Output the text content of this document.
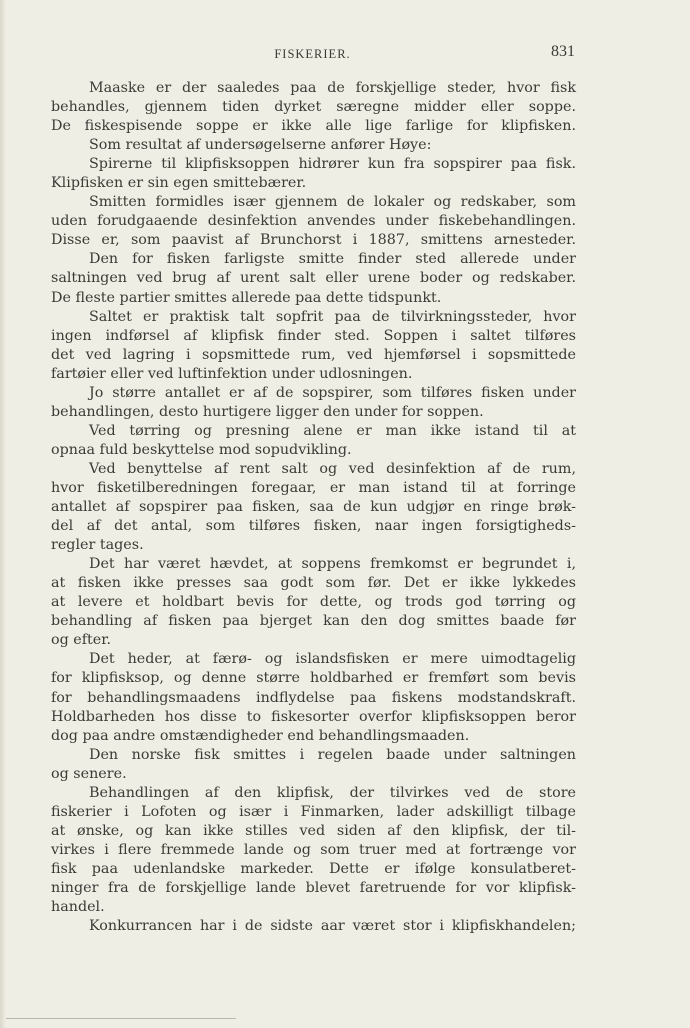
FISKERIER.	831
Maaske er der saaledes paa de forskjellige steder, hvor fisk
behandles, gjennem tiden dyrket særegne midder eller soppe.
De fiskespisende soppe er ikke alle lige farlige for klipfisken.
Som resultat af undersøgelserne anfører Høye:
Spirerne til klipfisksoppen hidrører kun fra sopspirer paa fisk.
Klipfisken er sin egen smittebærer.
Smitten formidles især gjennem de lokaler og redskaber, som
uden forudgaaende desinfektion anvendes under fiskebehandlingen.
Disse er, som paavist af Brunchorst i 1887, smittens arnesteder.
Den for fisken farligste smitte finder sted allerede under
saltningen ved brug af urent salt eller urene boder og redskaber.
De fleste partier smittes allerede paa dette tidspunkt.
Saltet er praktisk talt sopfrit paa de tilvirkningssteder, hvor
ingen indførsel af klipfisk finder sted. Soppen i saltet tilføres
det ved lagring i sopsmittede rum, ved hjemførsel i sopsmittede
fartøier eller ved luftinfektion under udlosningen.
Jo større antallet er af de sopspirer, som tilføres fisken under
behandlingen, desto hurtigere ligger den under for soppen.
Ved tørring og presning alene er man ikke istand til at
opnaa fuld beskyttelse mod sopudvikling.
Ved benyttelse af rent salt og ved desinfektion af de rum,
hvor fisketilberedningen foregaar, er man istand til at forringe
antallet af sopspirer paa fisken, saa de kun udgjør en ringe brøk-
del af det antal, som tilføres fisken, naar ingen forsigtigheds-
regler tages.
Det har været hævdet, at soppens fremkomst er begrundet i,
at fisken ikke presses saa godt som før. Det er ikke lykkedes
at levere et holdbart bevis for dette, og trods god tørring og
behandling af fisken paa bjerget kan den dog smittes baade før
og efter.
Det heder, at færø- og islandsfisken er mere uimodtagelig
for klipfisksop, og denne større holdbarhed er fremført som bevis
for behandlingsmaadens indflydelse paa fiskens modstandskraft.
Holdbarheden hos disse to fiskesorter overfor klipfisksoppen beror
dog paa andre omstændigheder end behandlingsmaaden.
Den norske fisk smittes i regelen baade under saltningen
og senere.
Behandlingen af den klipfisk, der tilvirkes ved de store
fiskerier i Lofoten og især i Finmarken, lader adskilligt tilbage
at ønske, og kan ikke stilles ved siden af den klipfisk, der til-
virkes i flere fremmede lande og som truer med at fortrænge vor
fisk paa udenlandske markeder. Dette er ifølge konsulatberet-
ninger fra de forskjellige lande blevet faretruende for vor klipfisk-
handel.
Konkurrancen har i de sidste aar været stor i klipfiskhandelen;
